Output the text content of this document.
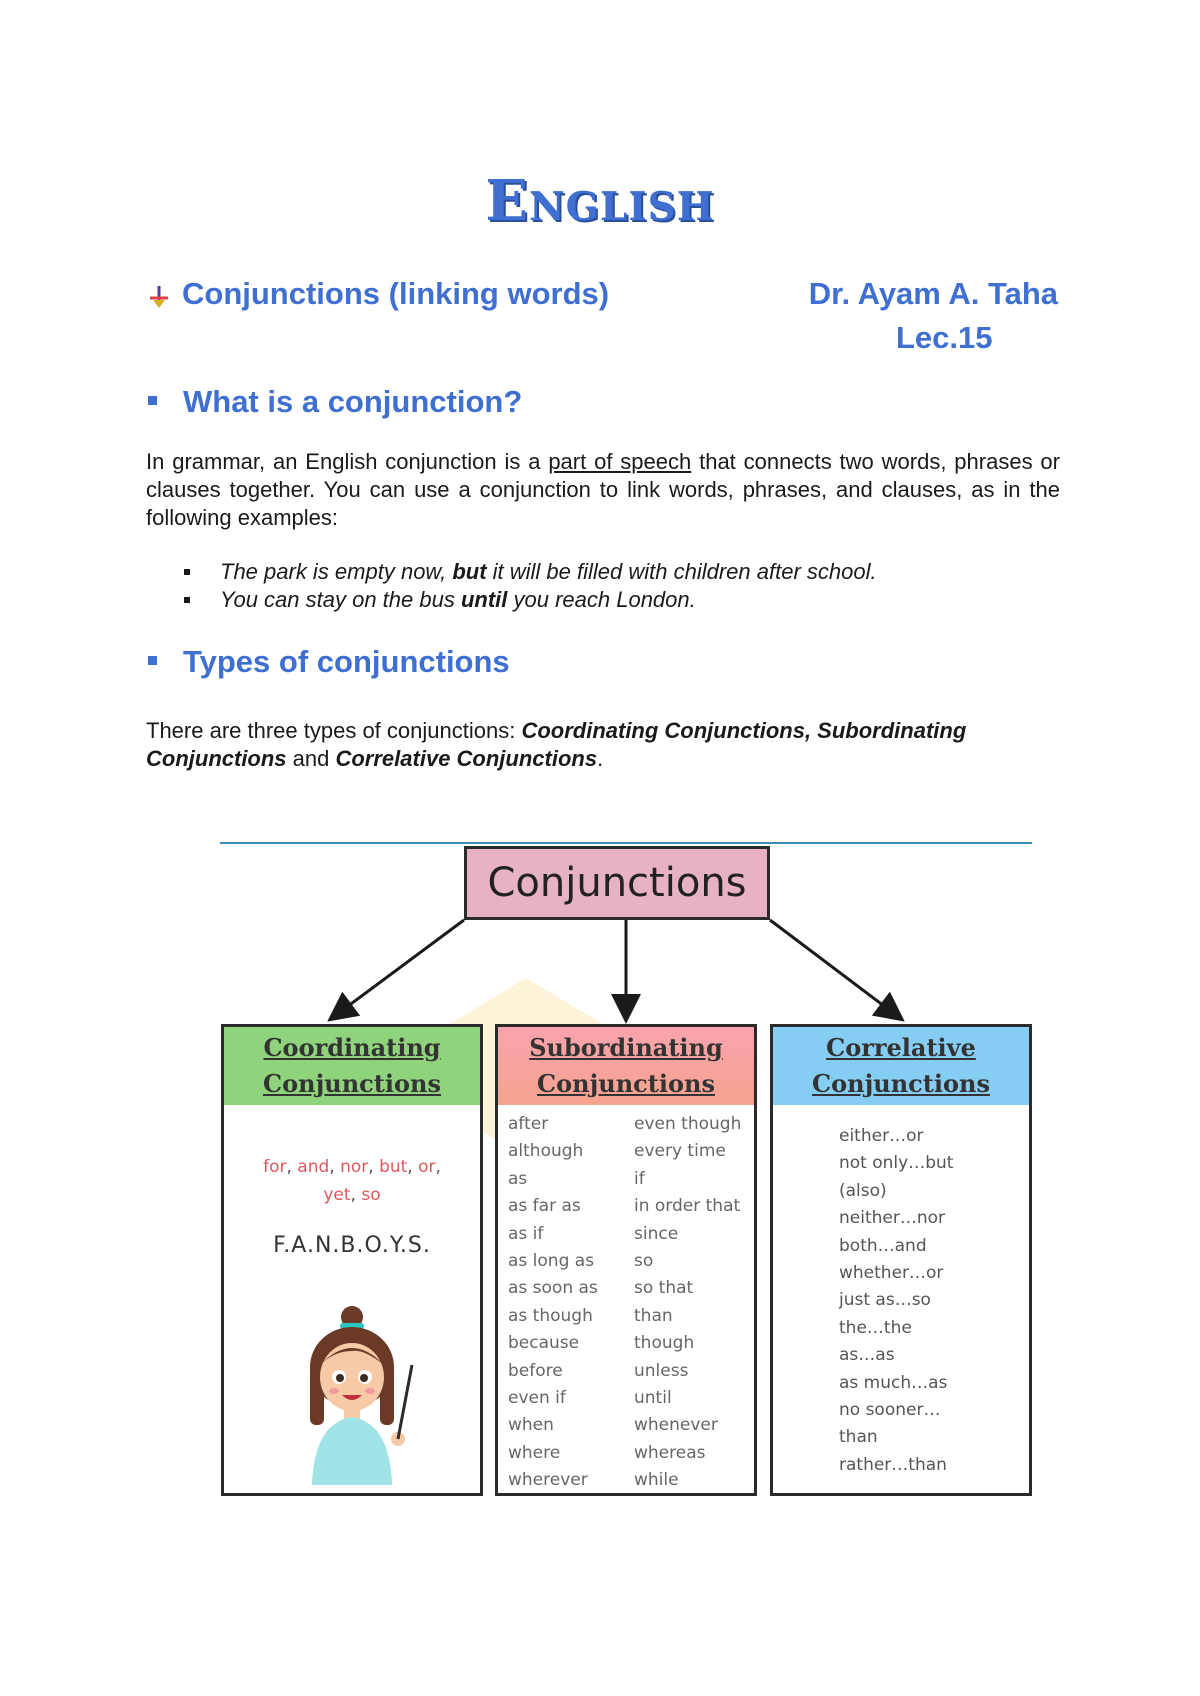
English
Conjunctions (linking words)	Dr. Ayam A. Taha
Lec.15
What is a conjunction?
In grammar, an English conjunction is a part of speech that connects two words, phrases or clauses together. You can use a conjunction to link words, phrases, and clauses, as in the following examples:
The park is empty now, but it will be filled with children after school.
You can stay on the bus until you reach London.
Types of conjunctions
There are three types of conjunctions: Coordinating Conjunctions, Subordinating Conjunctions and Correlative Conjunctions.
Conjunctions
Coordinating
Conjunctions
for, and, nor, but, or,
yet, so
F.A.N.B.O.Y.S.
Subordinating
Conjunctions
after
although
as
as far as
as if
as long as
as soon as
as though
because
before
even if
when
where
wherever
even though
every time
if
in order that
since
so
so that
than
though
unless
until
whenever
whereas
while
Correlative
Conjunctions
either…or
not only…but
(also)
neither…nor
both…and
whether…or
just as…so
the…the
as…as
as much…as
no sooner…
than
rather…than
